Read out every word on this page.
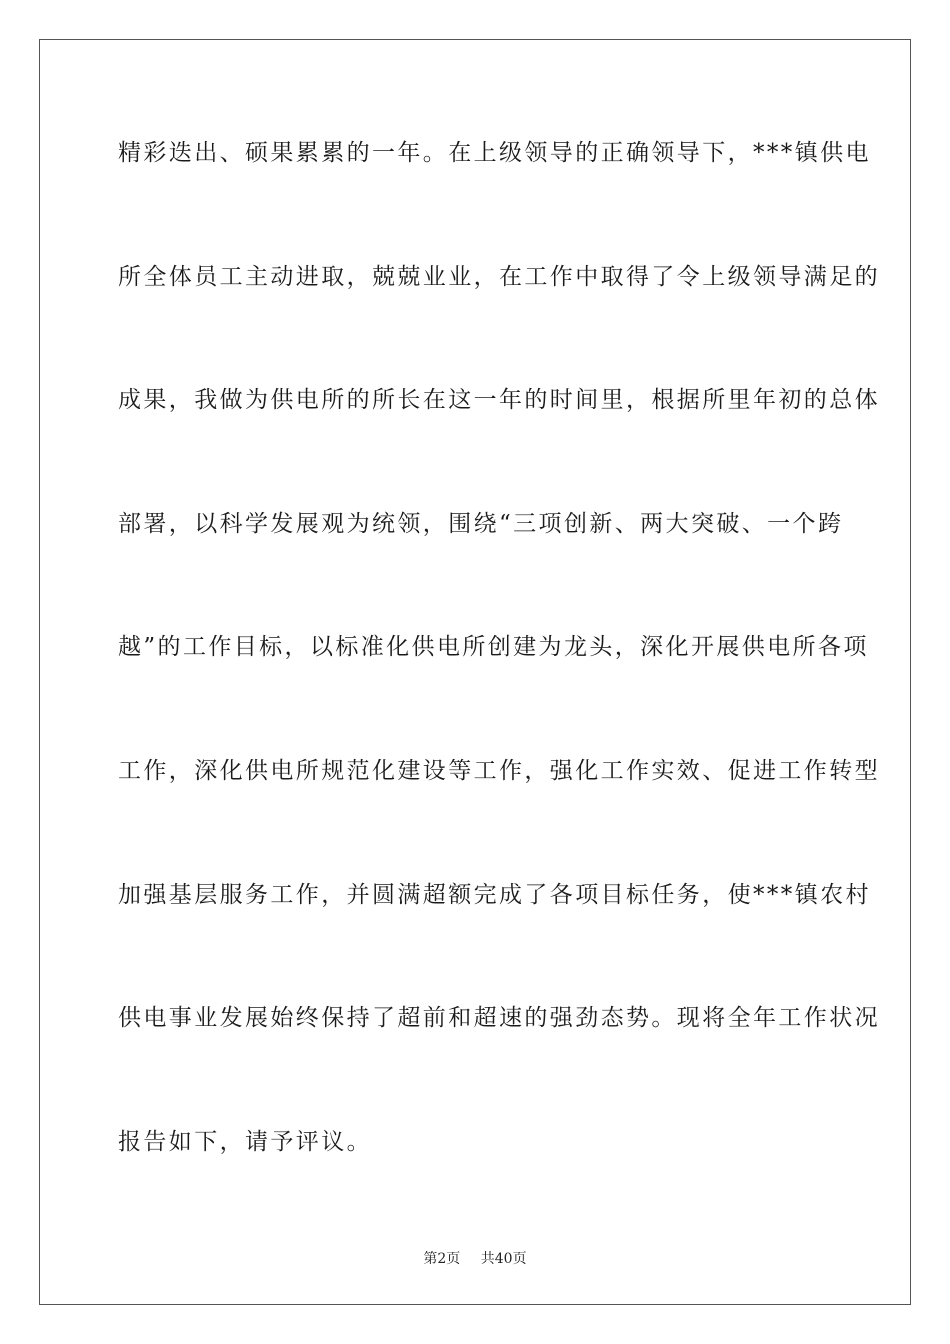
精彩迭出、硕果累累的一年。在上级领导的正确领导下，***镇供电
所全体员工主动进取，兢兢业业，在工作中取得了令上级领导满足的
成果，我做为供电所的所长在这一年的时间里，根据所里年初的总体
部署，以科学发展观为统领，围绕“三项创新、两大突破、一个跨
越”的工作目标，以标准化供电所创建为龙头，深化开展供电所各项
工作，深化供电所规范化建设等工作，强化工作实效、促进工作转型
加强基层服务工作，并圆满超额完成了各项目标任务，使***镇农村
供电事业发展始终保持了超前和超速的强劲态势。现将全年工作状况
报告如下，请予评议。
第2页 共40页
